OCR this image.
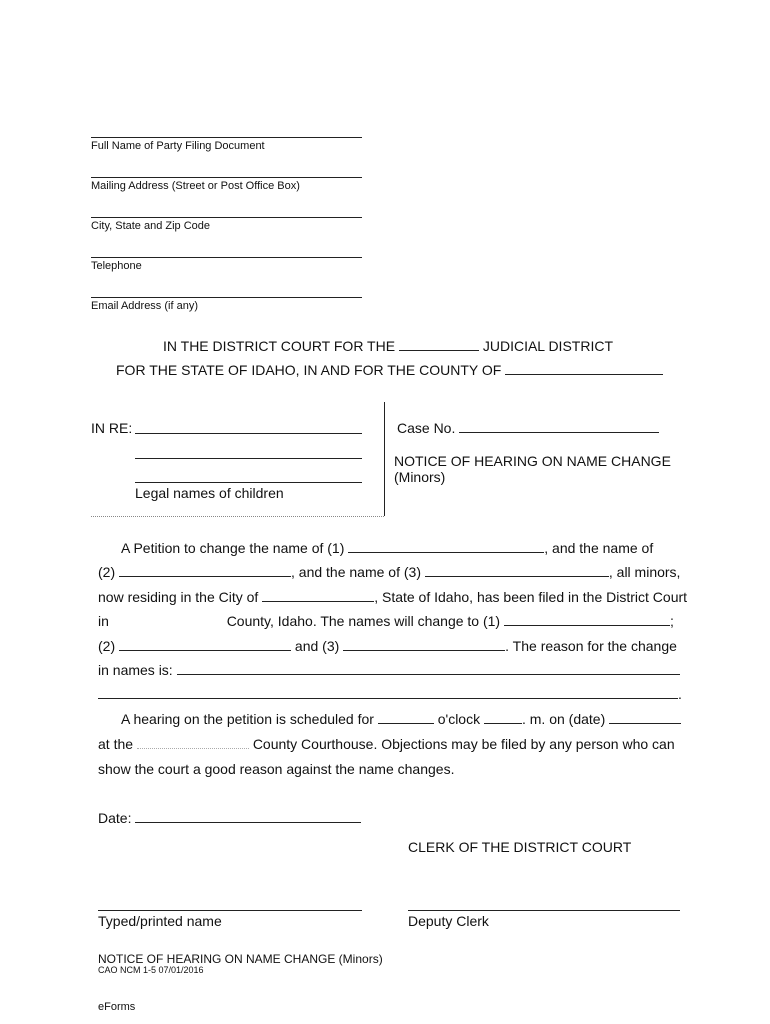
Full Name of Party Filing Document
Mailing Address (Street or Post Office Box)
City, State and Zip Code
Telephone
Email Address (if any)
IN THE DISTRICT COURT FOR THE	JUDICIAL DISTRICT
FOR THE STATE OF IDAHO, IN AND FOR THE COUNTY OF
IN RE:
Legal names of children
Case No.
NOTICE OF HEARING ON NAME CHANGE
(Minors)
A Petition to change the name of (1)	, and the name of
(2)	, and the name of (3)	, all minors,
now residing in the City of	, State of Idaho, has been filed in the District Court
in	County, Idaho. The names will change to (1)	;
(2)	and (3)	. The reason for the change
in names is:
.
A hearing on the petition is scheduled for	o'clock	. m. on (date)
at the	County Courthouse. Objections may be filed by any person who can
show the court a good reason against the name changes.
Date:
CLERK OF THE DISTRICT COURT
Typed/printed name	Deputy Clerk
NOTICE OF HEARING ON NAME CHANGE (Minors)
CAO NCM 1-5 07/01/2016
eForms
